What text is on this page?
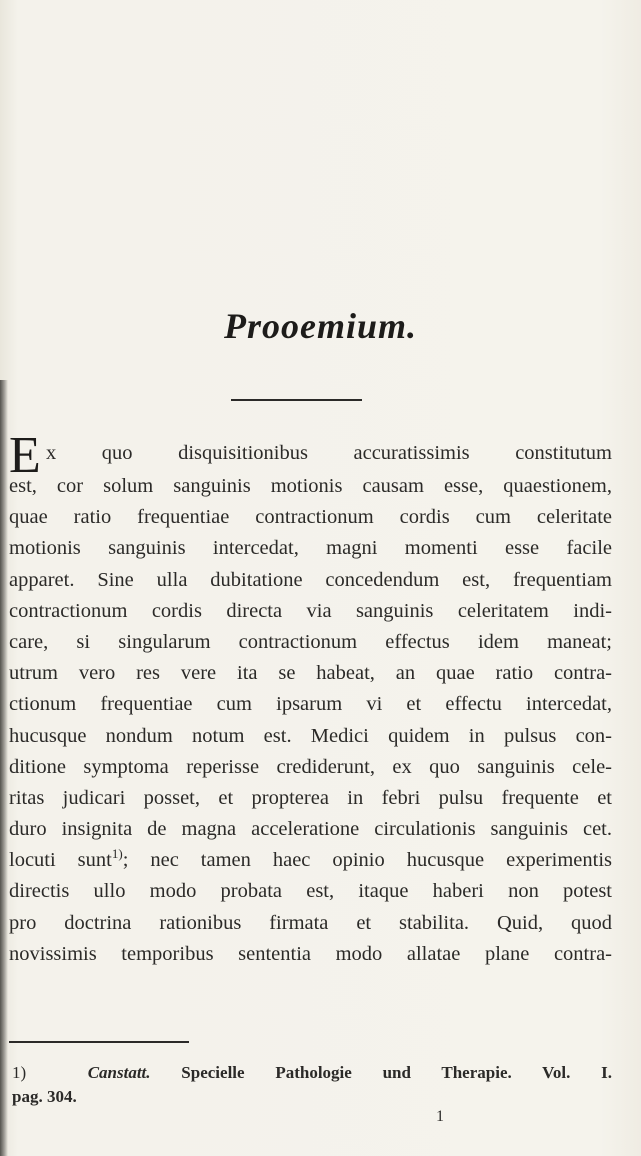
Prooemium.
E x quo disquisitionibus accuratissimis constitutum
est, cor solum sanguinis motionis causam esse, quaestionem,
quae ratio frequentiae contractionum cordis cum celeritate
motionis sanguinis intercedat, magni momenti esse facile
apparet. Sine ulla dubitatione concedendum est, frequentiam
contractionum cordis directa via sanguinis celeritatem indi-
care, si singularum contractionum effectus idem maneat;
utrum vero res vere ita se habeat, an quae ratio contra-
ctionum frequentiae cum ipsarum vi et effectu intercedat,
hucusque nondum notum est. Medici quidem in pulsus con-
ditione symptoma reperisse crediderunt, ex quo sanguinis cele-
ritas judicari posset, et propterea in febri pulsu frequente et
duro insignita de magna acceleratione circulationis sanguinis cet.
locuti sunt$^{1)}$; nec tamen haec opinio hucusque experimentis
directis ullo modo probata est, itaque haberi non potest
pro doctrina rationibus firmata et stabilita. Quid, quod
novissimis temporibus sententia modo allatae plane contra-
1)	Canstatt. Specielle Pathologie und Therapie. Vol. I.
pag. 304.
1
